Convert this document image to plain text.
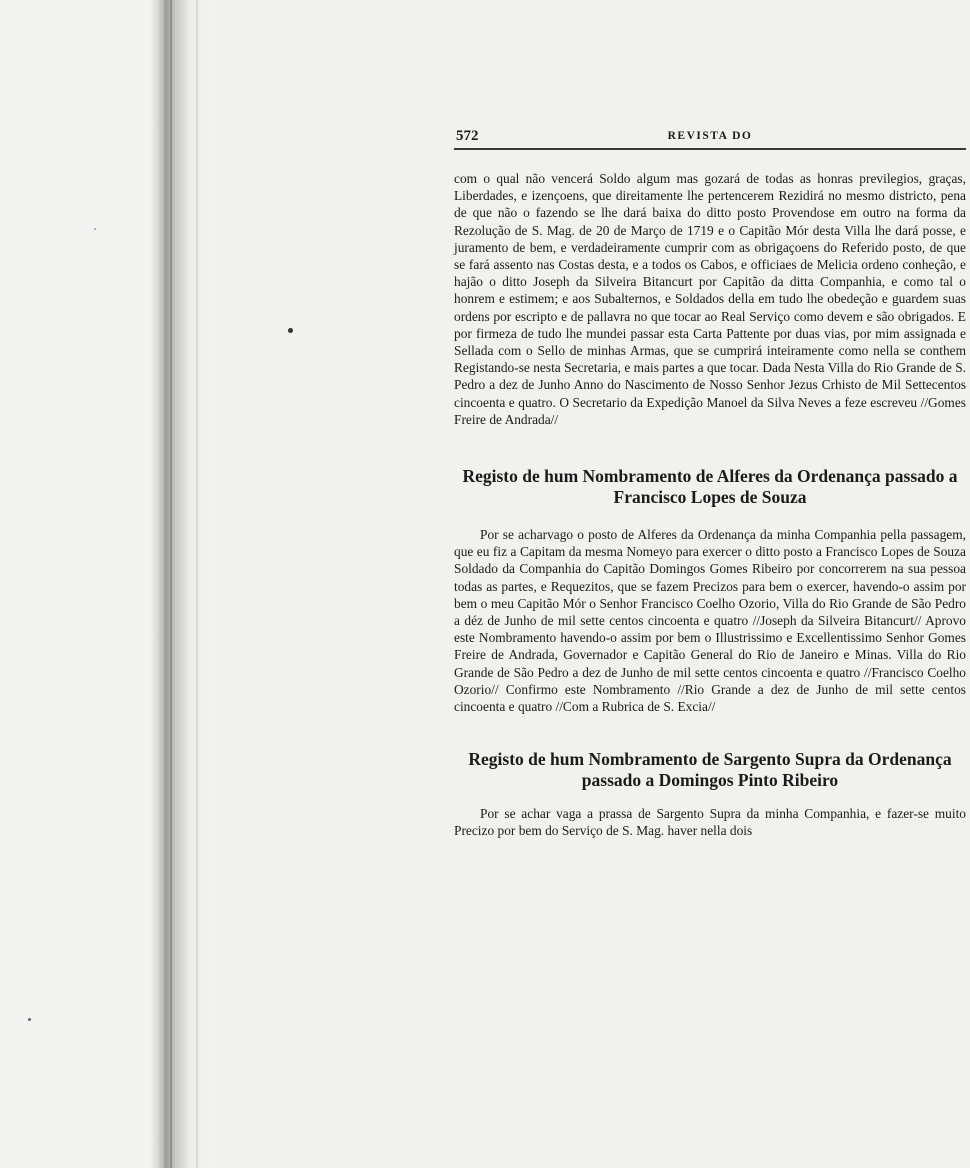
572	REVISTA DO

com o qual não vencerá Soldo algum mas gozará de todas as honras previlegios, graças, Liberdades, e izençoens, que direitamente lhe pertencerem Rezidirá no mesmo districto, pena de que não o fazendo se lhe dará baixa do ditto posto Provendose em outro na forma da Rezolução de S. Mag. de 20 de Março de 1719 e o Capitão Mór desta Villa lhe dará posse, e juramento de bem, e verdadeiramente cumprir com as obrigaçoens do Referido posto, de que se fará assento nas Costas desta, e a todos os Cabos, e officiaes de Melicia ordeno conheção, e hajão o ditto Joseph da Silveira Bitancurt por Capitão da ditta Companhia, e como tal o honrem e estimem; e aos Subalternos, e Soldados della em tudo lhe obedeção e guardem suas ordens por escripto e de pallavra no que tocar ao Real Serviço como devem e são obrigados. E por firmeza de tudo lhe mundei passar esta Carta Pattente por duas vias, por mim assignada e Sellada com o Sello de minhas Armas, que se cumprirá inteiramente como nella se conthem Registando-se nesta Secretaria, e mais partes a que tocar. Dada Nesta Villa do Rio Grande de S. Pedro a dez de Junho Anno do Nascimento de Nosso Senhor Jezus Crhisto de Mil Settecentos cincoenta e quatro. O Secretario da Expedição Manoel da Silva Neves a feze escreveu //Gomes Freire de Andrada//

Registo de hum Nombramento de Alferes da Ordenança passado a Francisco Lopes de Souza

Por se acharvago o posto de Alferes da Ordenança da minha Companhia pella passagem, que eu fiz a Capitam da mesma Nomeyo para exercer o ditto posto a Francisco Lopes de Souza Soldado da Companhia do Capitão Domingos Gomes Ribeiro por concorrerem na sua pessoa todas as partes, e Requezitos, que se fazem Precizos para bem o exercer, havendo-o assim por bem o meu Capitão Mór o Senhor Francisco Coelho Ozorio, Villa do Rio Grande de São Pedro a déz de Junho de mil sette centos cincoenta e quatro //Joseph da Silveira Bitancurt// Aprovo este Nombramento havendo-o assim por bem o Illustrissimo e Excellentissimo Senhor Gomes Freire de Andrada, Governador e Capitão General do Rio de Janeiro e Minas. Villa do Rio Grande de São Pedro a dez de Junho de mil sette centos cincoenta e quatro //Francisco Coelho Ozorio// Confirmo este Nombramento //Rio Grande a dez de Junho de mil sette centos cincoenta e quatro //Com a Rubrica de S. Excia//

Registo de hum Nombramento de Sargento Supra da Ordenança passado a Domingos Pinto Ribeiro

Por se achar vaga a prassa de Sargento Supra da minha Companhia, e fazer-se muito Precizo por bem do Serviço de S. Mag. haver nella dois
